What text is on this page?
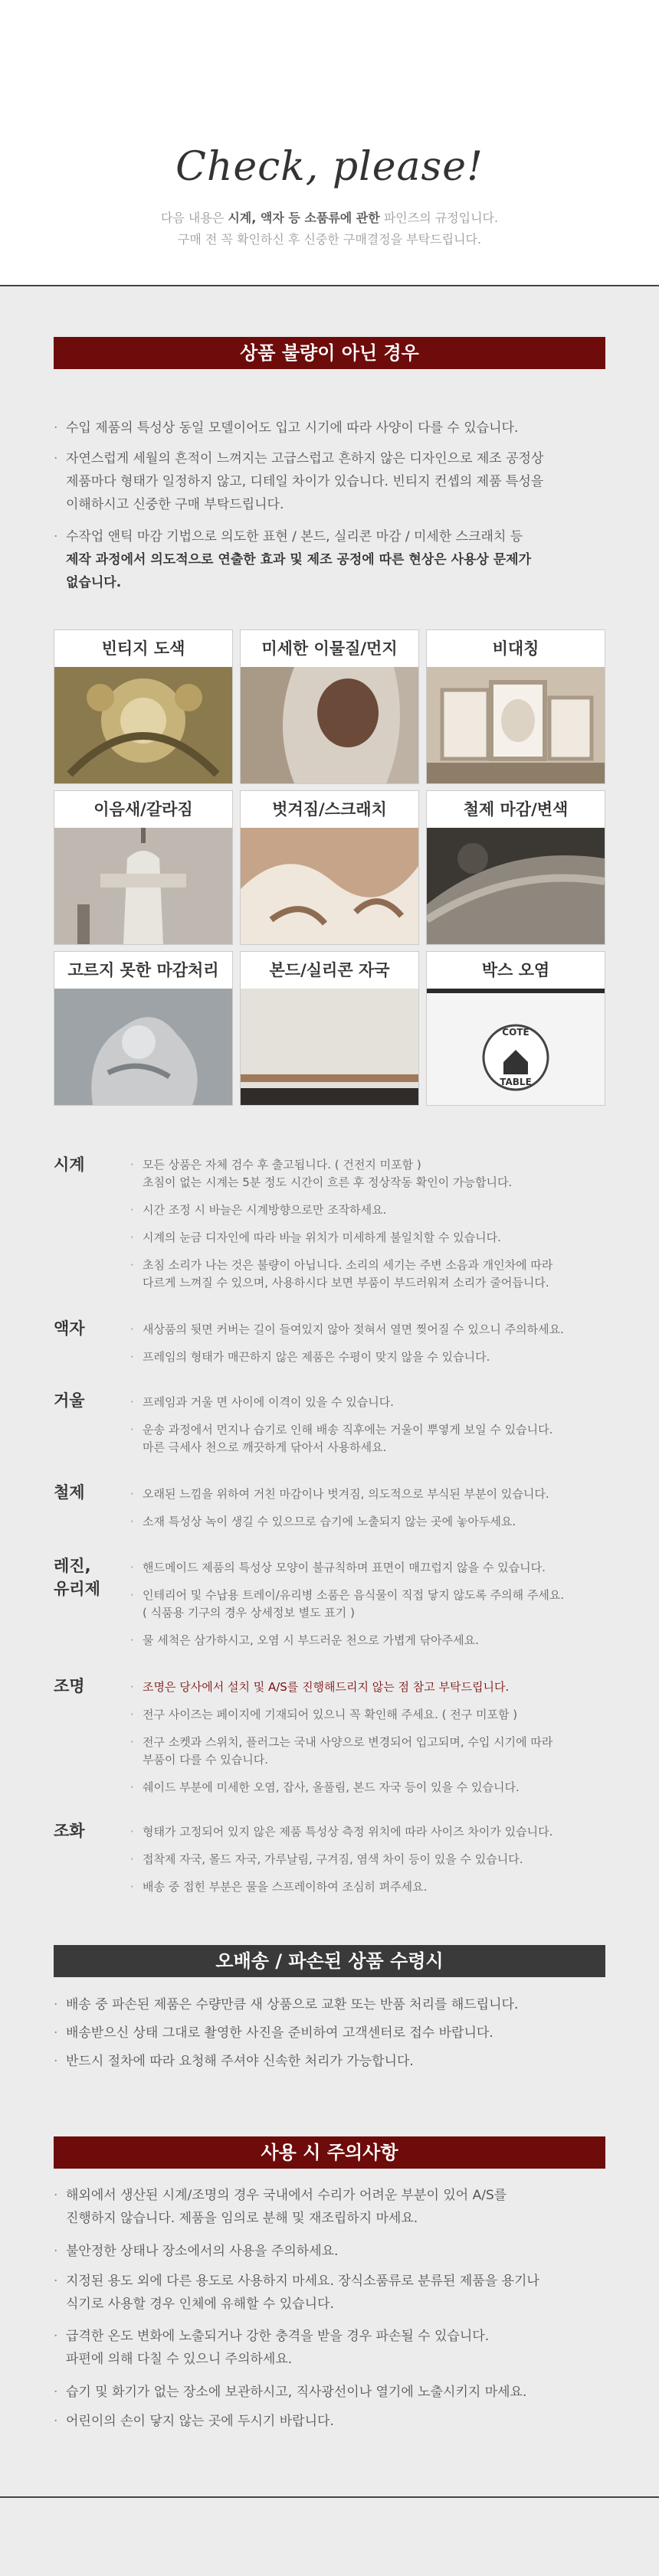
Check, please!
다음 내용은 시계, 액자 등 소품류에 관한 파인즈의 규정입니다.
구매 전 꼭 확인하신 후 신중한 구매결정을 부탁드립니다.
상품 불량이 아닌 경우
· 수입 제품의 특성상 동일 모델이어도 입고 시기에 따라 사양이 다를 수 있습니다.
· 자연스럽게 세월의 흔적이 느껴지는 고급스럽고 흔하지 않은 디자인으로 제조 공정상
제품마다 형태가 일정하지 않고, 디테일 차이가 있습니다. 빈티지 컨셉의 제품 특성을
이해하시고 신중한 구매 부탁드립니다.
· 수작업 앤틱 마감 기법으로 의도한 표현 / 본드, 실리콘 마감 / 미세한 스크래치 등
제작 과정에서 의도적으로 연출한 효과 및 제조 공정에 따른 현상은 사용상 문제가
없습니다.
빈티지 도색	미세한 이물질/먼지	비대칭
이음새/갈라짐	벗겨짐/스크래치	철제 마감/변색
고르지 못한 마감처리	본드/실리콘 자국	박스 오염
COTE
TABLE
시계	· 모든 상품은 자체 검수 후 출고됩니다. ( 건전지 미포함 )
초침이 없는 시계는 5분 정도 시간이 흐른 후 정상작동 확인이 가능합니다.
· 시간 조정 시 바늘은 시계방향으로만 조작하세요.
· 시계의 눈금 디자인에 따라 바늘 위치가 미세하게 불일치할 수 있습니다.
· 초침 소리가 나는 것은 불량이 아닙니다. 소리의 세기는 주변 소음과 개인차에 따라
다르게 느껴질 수 있으며, 사용하시다 보면 부품이 부드러워져 소리가 줄어듭니다.
액자	· 새상품의 뒷면 커버는 길이 들여있지 않아 젖혀서 열면 찢어질 수 있으니 주의하세요.
· 프레임의 형태가 매끈하지 않은 제품은 수평이 맞지 않을 수 있습니다.
거울	· 프레임과 거울 면 사이에 이격이 있을 수 있습니다.
· 운송 과정에서 먼지나 습기로 인해 배송 직후에는 거울이 뿌옇게 보일 수 있습니다.
마른 극세사 천으로 깨끗하게 닦아서 사용하세요.
철제	· 오래된 느낌을 위하여 거친 마감이나 벗겨짐, 의도적으로 부식된 부분이 있습니다.
· 소재 특성상 녹이 생길 수 있으므로 습기에 노출되지 않는 곳에 놓아두세요.
레진,
유리제
· 핸드메이드 제품의 특성상 모양이 불규칙하며 표면이 매끄럽지 않을 수 있습니다.
· 인테리어 및 수납용 트레이/유리병 소품은 음식물이 직접 닿지 않도록 주의해 주세요.
( 식품용 기구의 경우 상세정보 별도 표기 )
· 물 세척은 삼가하시고, 오염 시 부드러운 천으로 가볍게 닦아주세요.
조명	· 조명은 당사에서 설치 및 A/S를 진행해드리지 않는 점 참고 부탁드립니다.
· 전구 사이즈는 페이지에 기재되어 있으니 꼭 확인해 주세요. ( 전구 미포함 )
· 전구 소켓과 스위치, 플러그는 국내 사양으로 변경되어 입고되며, 수입 시기에 따라
부품이 다를 수 있습니다.
· 쉐이드 부분에 미세한 오염, 잡사, 올풀림, 본드 자국 등이 있을 수 있습니다.
조화	· 형태가 고정되어 있지 않은 제품 특성상 측정 위치에 따라 사이즈 차이가 있습니다.
· 접착제 자국, 몰드 자국, 가루날림, 구겨짐, 염색 차이 등이 있을 수 있습니다.
· 배송 중 접힌 부분은 물을 스프레이하여 조심히 펴주세요.
오배송 / 파손된 상품 수령시
· 배송 중 파손된 제품은 수량만큼 새 상품으로 교환 또는 반품 처리를 해드립니다.
· 배송받으신 상태 그대로 촬영한 사진을 준비하여 고객센터로 접수 바랍니다.
· 반드시 절차에 따라 요청해 주셔야 신속한 처리가 가능합니다.
사용 시 주의사항
· 해외에서 생산된 시계/조명의 경우 국내에서 수리가 어려운 부분이 있어 A/S를
진행하지 않습니다. 제품을 임의로 분해 및 재조립하지 마세요.
· 불안정한 상태나 장소에서의 사용을 주의하세요.
· 지정된 용도 외에 다른 용도로 사용하지 마세요. 장식소품류로 분류된 제품을 용기나
식기로 사용할 경우 인체에 유해할 수 있습니다.
· 급격한 온도 변화에 노출되거나 강한 충격을 받을 경우 파손될 수 있습니다.
파편에 의해 다칠 수 있으니 주의하세요.
· 습기 및 화기가 없는 장소에 보관하시고, 직사광선이나 열기에 노출시키지 마세요.
· 어린이의 손이 닿지 않는 곳에 두시기 바랍니다.
